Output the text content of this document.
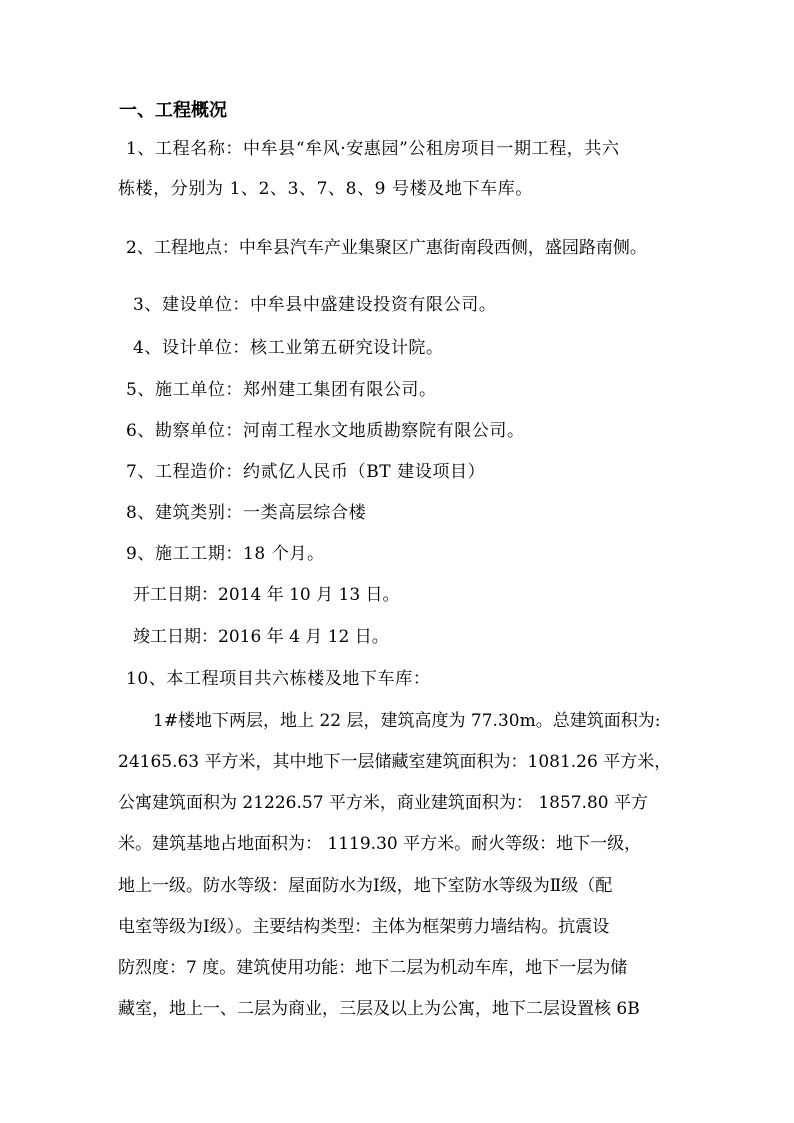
一、工程概况
1、工程名称：中牟县“牟风·安惠园”公租房项目一期工程，共六
栋楼，分别为 1、2、3、7、8、9 号楼及地下车库。
2、工程地点：中牟县汽车产业集聚区广惠街南段西侧，盛园路南侧。
3、建设单位：中牟县中盛建设投资有限公司。
4、设计单位：核工业第五研究设计院。
5、施工单位：郑州建工集团有限公司。
6、勘察单位：河南工程水文地质勘察院有限公司。
7、工程造价：约贰亿人民币（BT 建设项目）
8、建筑类别：一类高层综合楼
9、施工工期：18 个月。
开工日期：2014 年 10 月 13 日。
竣工日期：2016 年 4 月 12 日。
10、本工程项目共六栋楼及地下车库：
1#楼地下两层，地上 22 层，建筑高度为 77.30m。总建筑面积为:
24165.63 平方米，其中地下一层储藏室建筑面积为：1081.26 平方米，
公寓建筑面积为 21226.57 平方米，商业建筑面积为： 1857.80 平方
米。建筑基地占地面积为： 1119.30 平方米。耐火等级：地下一级，
地上一级。防水等级：屋面防水为Ⅰ级，地下室防水等级为Ⅱ级（配
电室等级为Ⅰ级）。主要结构类型：主体为框架剪力墙结构。抗震设
防烈度：7 度。建筑使用功能：地下二层为机动车库，地下一层为储
藏室，地上一、二层为商业，三层及以上为公寓，地下二层设置核 6B
